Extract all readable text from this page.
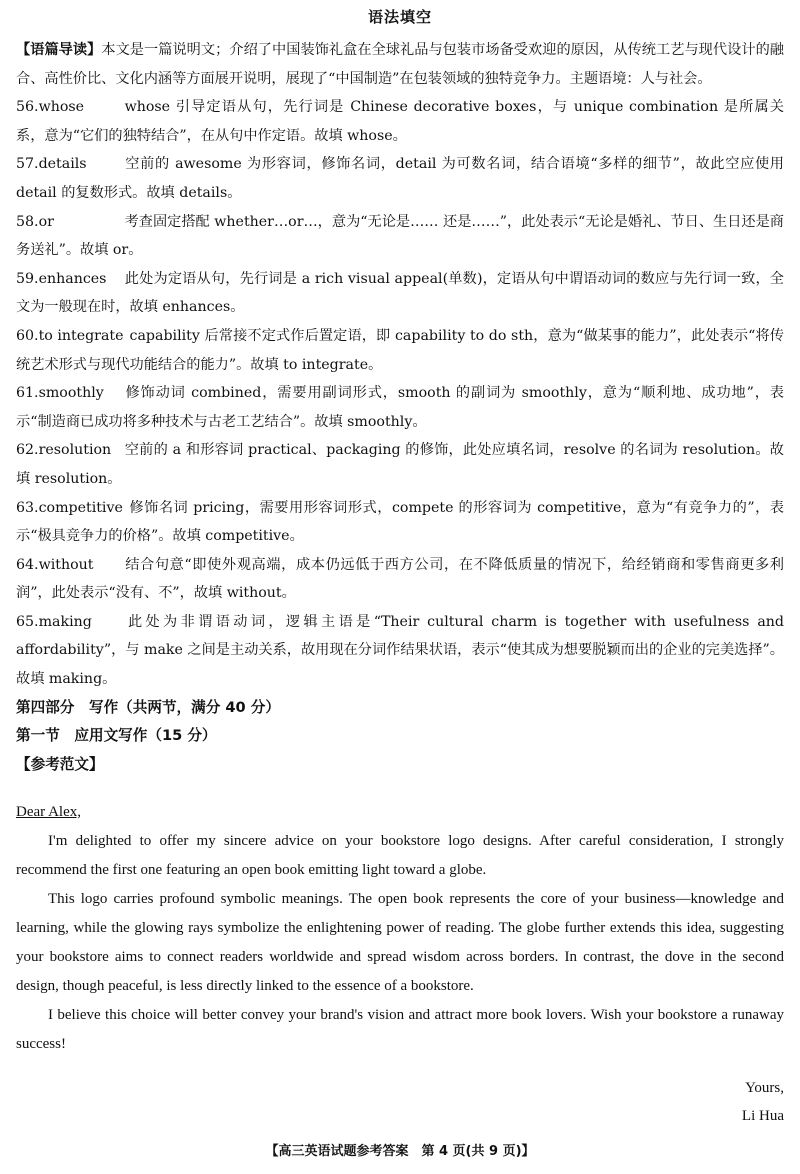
语法填空

【语篇导读】本文是一篇说明文；介绍了中国装饰礼盒在全球礼品与包装市场备受欢迎的原因，从传统工艺与现代设计的融合、高性价比、文化内涵等方面展开说明，展现了“中国制造”在包装领域的独特竞争力。主题语境：人与社会。

56.whose	whose 引导定语从句，先行词是 Chinese decorative boxes，与 unique combination 是所属关系，意为“它们的独特结合”，在从句中作定语。故填 whose。

57.details	空前的 awesome 为形容词，修饰名词，detail 为可数名词，结合语境“多样的细节”，故此空应使用 detail 的复数形式。故填 details。

58.or	考查固定搭配 whether…or…，意为“无论是…… 还是……”，此处表示“无论是婚礼、节日、生日还是商务送礼”。故填 or。

59.enhances 此处为定语从句，先行词是 a rich visual appeal(单数)，定语从句中谓语动词的数应与先行词一致，全文为一般现在时，故填 enhances。

60.to integrate capability 后常接不定式作后置定语，即 capability to do sth，意为“做某事的能力”，此处表示“将传统艺术形式与现代功能结合的能力”。故填 to integrate。

61.smoothly 修饰动词 combined，需要用副词形式，smooth 的副词为 smoothly，意为“顺利地、成功地”，表示“制造商已成功将多种技术与古老工艺结合”。故填 smoothly。

62.resolution 空前的 a 和形容词 practical、packaging 的修饰，此处应填名词，resolve 的名词为 resolution。故填 resolution。

63.competitive 修饰名词 pricing，需要用形容词形式，compete 的形容词为 competitive，意为“有竞争力的”，表示“极具竞争力的价格”。故填 competitive。

64.without 结合句意“即使外观高端，成本仍远低于西方公司，在不降低质量的情况下，给经销商和零售商更多利润”，此处表示“没有、不”，故填 without。

65.making 此处为非谓语动词，逻辑主语是“Their cultural charm is together with usefulness and affordability”，与 make 之间是主动关系，故用现在分词作结果状语，表示“使其成为想要脱颖而出的企业的完美选择”。故填 making。

第四部分　写作（共两节，满分 40 分）

第一节　应用文写作（15 分）

【参考范文】

Dear Alex,

I'm delighted to offer my sincere advice on your bookstore logo designs. After careful consideration, I strongly recommend the first one featuring an open book emitting light toward a globe.

This logo carries profound symbolic meanings. The open book represents the core of your business—knowledge and learning, while the glowing rays symbolize the enlightening power of reading. The globe further extends this idea, suggesting your bookstore aims to connect readers worldwide and spread wisdom across borders. In contrast, the dove in the second design, though peaceful, is less directly linked to the essence of a bookstore.

I believe this choice will better convey your brand's vision and attract more book lovers. Wish your bookstore a runaway success!

Yours,
Li Hua
【高三英语试题参考答案　第 4 页(共 9 页)】
